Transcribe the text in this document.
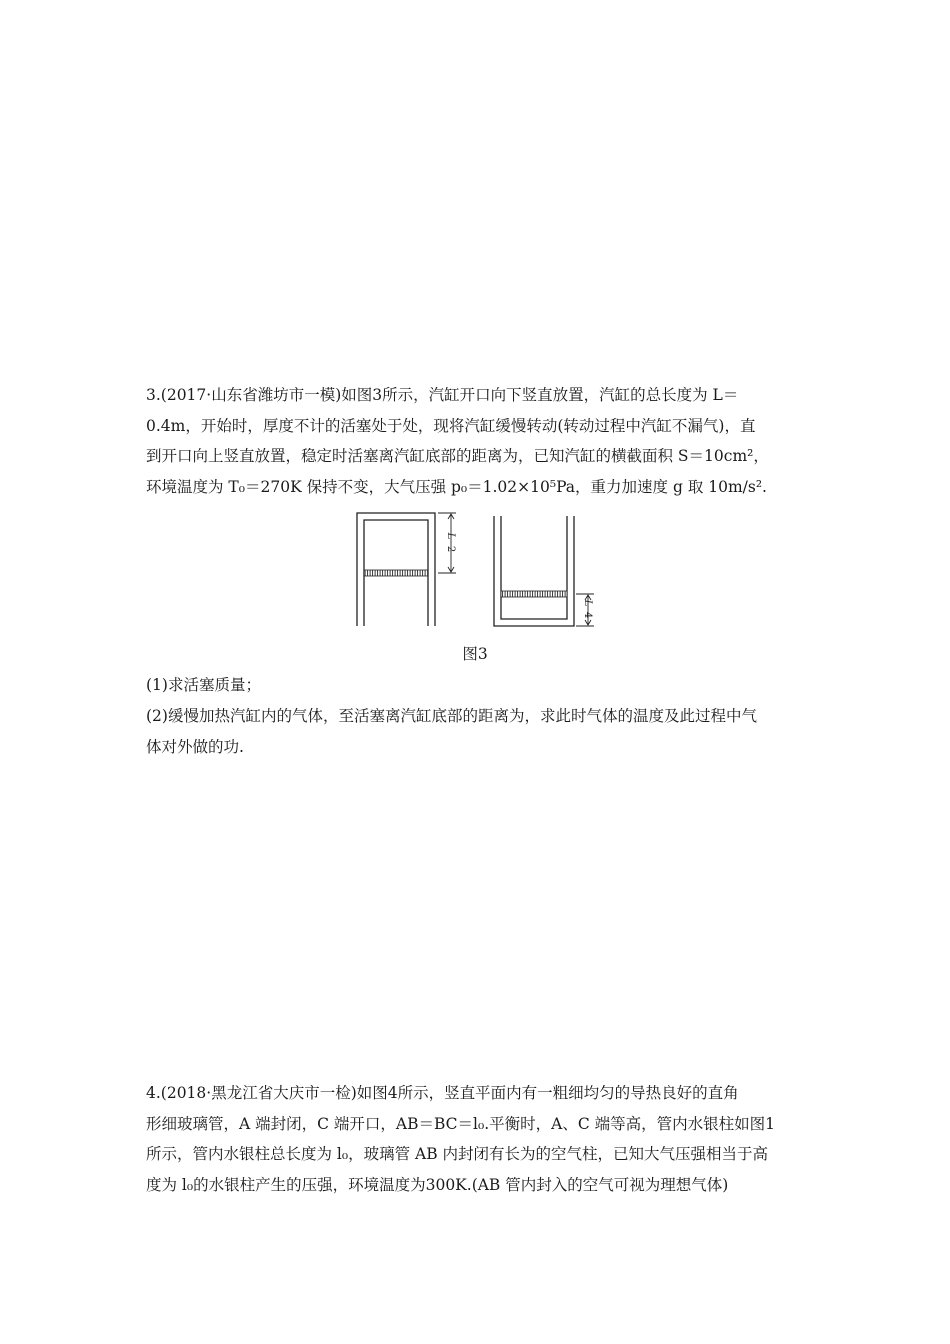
3.(2017·山东省潍坊市一模)如图3所示，汽缸开口向下竖直放置，汽缸的总长度为 L＝

0.4m，开始时，厚度不计的活塞处于处，现将汽缸缓慢转动(转动过程中汽缸不漏气)，直

到开口向上竖直放置，稳定时活塞离汽缸底部的距离为，已知汽缸的横截面积 S＝10cm²，

环境温度为 T₀＝270K 保持不变，大气压强 p₀＝1.02×10⁵Pa，重力加速度 g 取 10m/s².

L
2
L
4
图3

(1)求活塞质量；

(2)缓慢加热汽缸内的气体，至活塞离汽缸底部的距离为，求此时气体的温度及此过程中气

体对外做的功.

4.(2018·黑龙江省大庆市一检)如图4所示，竖直平面内有一粗细均匀的导热良好的直角

形细玻璃管，A 端封闭，C 端开口，AB＝BC＝l₀.平衡时，A、C 端等高，管内水银柱如图1

所示，管内水银柱总长度为 l₀，玻璃管 AB 内封闭有长为的空气柱，已知大气压强相当于高

度为 l₀的水银柱产生的压强，环境温度为300K.(AB 管内封入的空气可视为理想气体)
